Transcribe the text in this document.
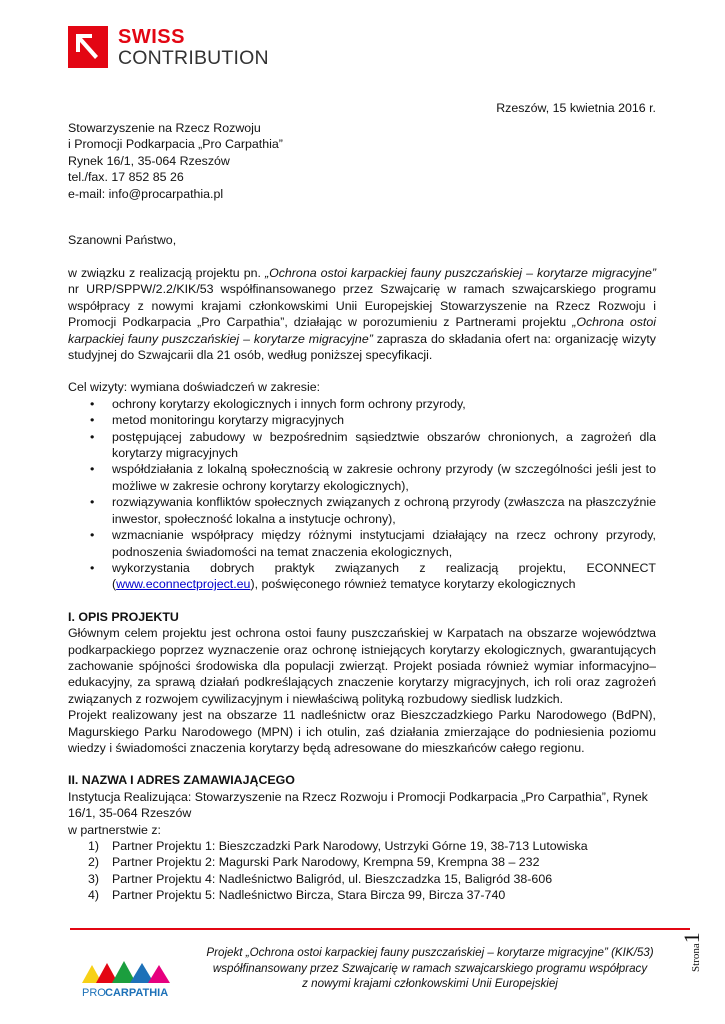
SWISS
CONTRIBUTION
Rzeszów, 15 kwietnia 2016 r.
Stowarzyszenie na Rzecz Rozwoju
i Promocji Podkarpacia „Pro Carpathia”
Rynek 16/1, 35-064 Rzeszów
tel./fax. 17 852 85 26
e-mail: info@procarpathia.pl
Szanowni Państwo,

w związku z realizacją projektu pn. „Ochrona ostoi karpackiej fauny puszczańskiej – korytarze migracyjne” nr URP/SPPW/2.2/KIK/53 współfinansowanego przez Szwajcarię w ramach szwajcarskiego programu współpracy z nowymi krajami członkowskimi Unii Europejskiej Stowarzyszenie na Rzecz Rozwoju i Promocji Podkarpacia „Pro Carpathia”, działając w porozumieniu z Partnerami projektu „Ochrona ostoi karpackiej fauny puszczańskiej – korytarze migracyjne” zaprasza do składania ofert na: organizację wizyty studyjnej do Szwajcarii dla 21 osób, według poniższej specyfikacji.

Cel wizyty: wymiana doświadczeń w zakresie:

• ochrony korytarzy ekologicznych i innych form ochrony przyrody,
• metod monitoringu korytarzy migracyjnych
• postępującej zabudowy w bezpośrednim sąsiedztwie obszarów chronionych, a zagrożeń dla korytarzy migracyjnych
• współdziałania z lokalną społecznością w zakresie ochrony przyrody (w szczególności jeśli jest to możliwe w zakresie ochrony korytarzy ekologicznych),
• rozwiązywania konfliktów społecznych związanych z ochroną przyrody (zwłaszcza na płaszczyźnie inwestor, społeczność lokalna a instytucje ochrony),
• wzmacnianie współpracy między różnymi instytucjami działający na rzecz ochrony przyrody, podnoszenia świadomości na temat znaczenia ekologicznych,
• wykorzystania dobrych praktyk związanych z realizacją projektu, ECONNECT (www.econnectproject.eu), poświęconego również tematyce korytarzy ekologicznych
I. OPIS PROJEKTU

Głównym celem projektu jest ochrona ostoi fauny puszczańskiej w Karpatach na obszarze województwa podkarpackiego poprzez wyznaczenie oraz ochronę istniejących korytarzy ekologicznych, gwarantujących zachowanie spójności środowiska dla populacji zwierząt. Projekt posiada również wymiar informacyjno–edukacyjny, za sprawą działań podkreślających znaczenie korytarzy migracyjnych, ich roli oraz zagrożeń związanych z rozwojem cywilizacyjnym i niewłaściwą polityką rozbudowy siedlisk ludzkich.

Projekt realizowany jest na obszarze 11 nadleśnictw oraz Bieszczadzkiego Parku Narodowego (BdPN), Magurskiego Parku Narodowego (MPN) i ich otulin, zaś działania zmierzające do podniesienia poziomu wiedzy i świadomości znaczenia korytarzy będą adresowane do mieszkańców całego regionu.

II. NAZWA I ADRES ZAMAWIAJĄCEGO

Instytucja Realizująca: Stowarzyszenie na Rzecz Rozwoju i Promocji Podkarpacia „Pro Carpathia”, Rynek 16/1, 35-064 Rzeszów

w partnerstwie z:

1) Partner Projektu 1: Bieszczadzki Park Narodowy, Ustrzyki Górne 19, 38-713 Lutowiska
2) Partner Projektu 2: Magurski Park Narodowy, Krempna 59, Krempna 38 – 232
3) Partner Projektu 4: Nadleśnictwo Baligród, ul. Bieszczadzka 15, Baligród 38-606
4) Partner Projektu 5: Nadleśnictwo Bircza, Stara Bircza 99, Bircza 37-740
Strona1
PRO CARPATHIA
Projekt „Ochrona ostoi karpackiej fauny puszczańskiej – korytarze migracyjne” (KIK/53)
współfinansowany przez Szwajcarię w ramach szwajcarskiego programu współpracy
z nowymi krajami członkowskimi Unii Europejskiej
